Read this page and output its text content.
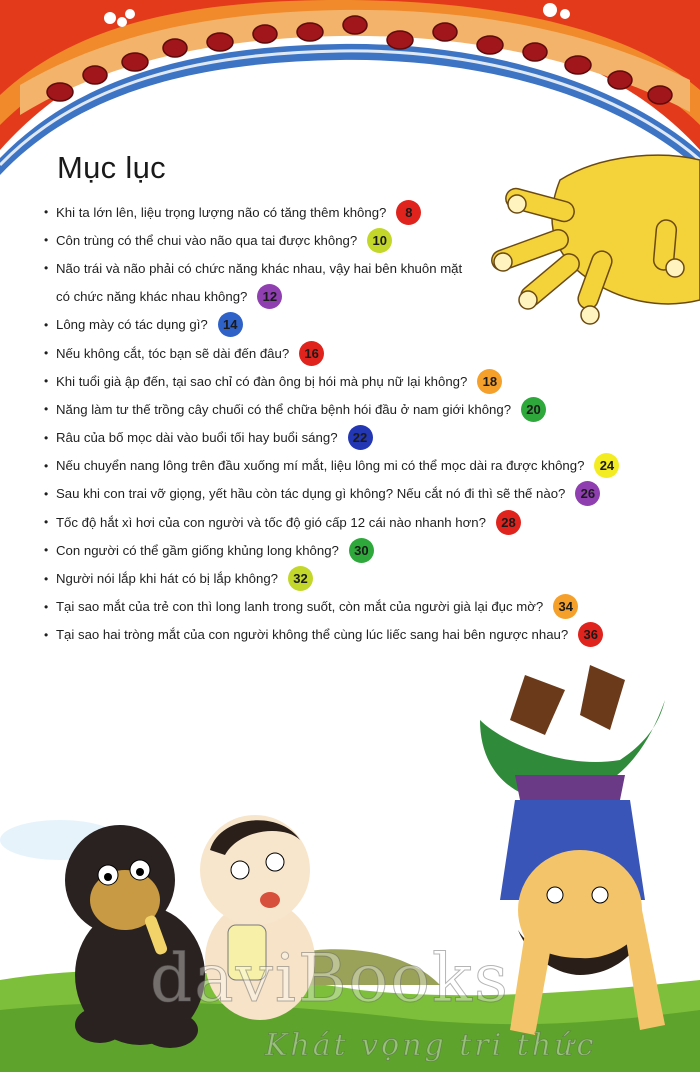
Mục lục
• Khi ta lớn lên, liệu trọng lượng não có tăng thêm không?	8
• Côn trùng có thể chui vào não qua tai được không?	10
• Não trái và não phải có chức năng khác nhau, vậy hai bên khuôn mặt
có chức năng khác nhau không?	12
• Lông mày có tác dụng gì?	14
• Nếu không cắt, tóc bạn sẽ dài đến đâu?	16
• Khi tuổi già ập đến, tại sao chỉ có đàn ông bị hói mà phụ nữ lại không?	18
• Năng làm tư thế trồng cây chuối có thể chữa bệnh hói đầu ở nam giới không?	20
• Râu của bố mọc dài vào buổi tối hay buổi sáng?	22
• Nếu chuyển nang lông trên đầu xuống mí mắt, liệu lông mi có thể mọc dài ra được không?	24
• Sau khi con trai vỡ giọng, yết hầu còn tác dụng gì không? Nếu cắt nó đi thì sẽ thế nào?	26
• Tốc độ hắt xì hơi của con người và tốc độ gió cấp 12 cái nào nhanh hơn?	28
• Con người có thể gầm giống khủng long không?	30
• Người nói lắp khi hát có bị lắp không?	32
• Tại sao mắt của trẻ con thì long lanh trong suốt, còn mắt của người già lại đục mờ?	34
• Tại sao hai tròng mắt của con người không thể cùng lúc liếc sang hai bên ngược nhau?	36
daviBooks
Khát vọng tri thức
